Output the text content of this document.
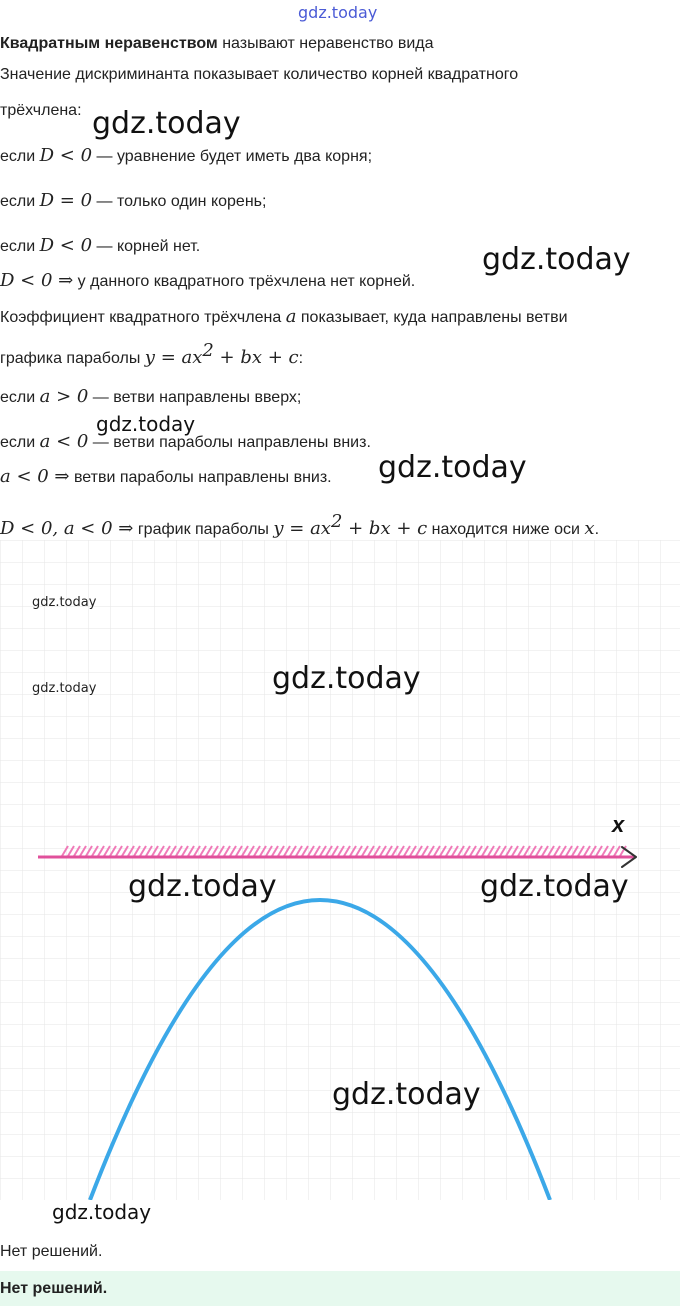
gdz.today
Квадратным неравенством называют неравенство вида
Значение дискриминанта показывает количество корней квадратного
трёхчлена: gdz.today
если D < 0 — уравнение будет иметь два корня;
если D = 0 — только один корень;
если D < 0 — корней нет.
D < 0 ⇒ у данного квадратного трёхчлена нет корней.
gdz.today
Коэффициент квадратного трёхчлена a показывает, куда направлены ветви
графика параболы $y = ax^2$ + bx + c:
если a > 0 — ветви направлены вверх;
gdz.today
если a < 0 — ветви параболы направлены вниз.
a < 0 ⇒ ветви параболы направлены вниз. gdz.today
D < 0, a < 0 ⇒ график параболы $y = ax^2$ + bx + c находится ниже оси x.
x
gdz.today
gdz.today	gdz.today
gdz.today	gdz.today
gdz.today
gdz.today
Нет решений.
Нет решений.
